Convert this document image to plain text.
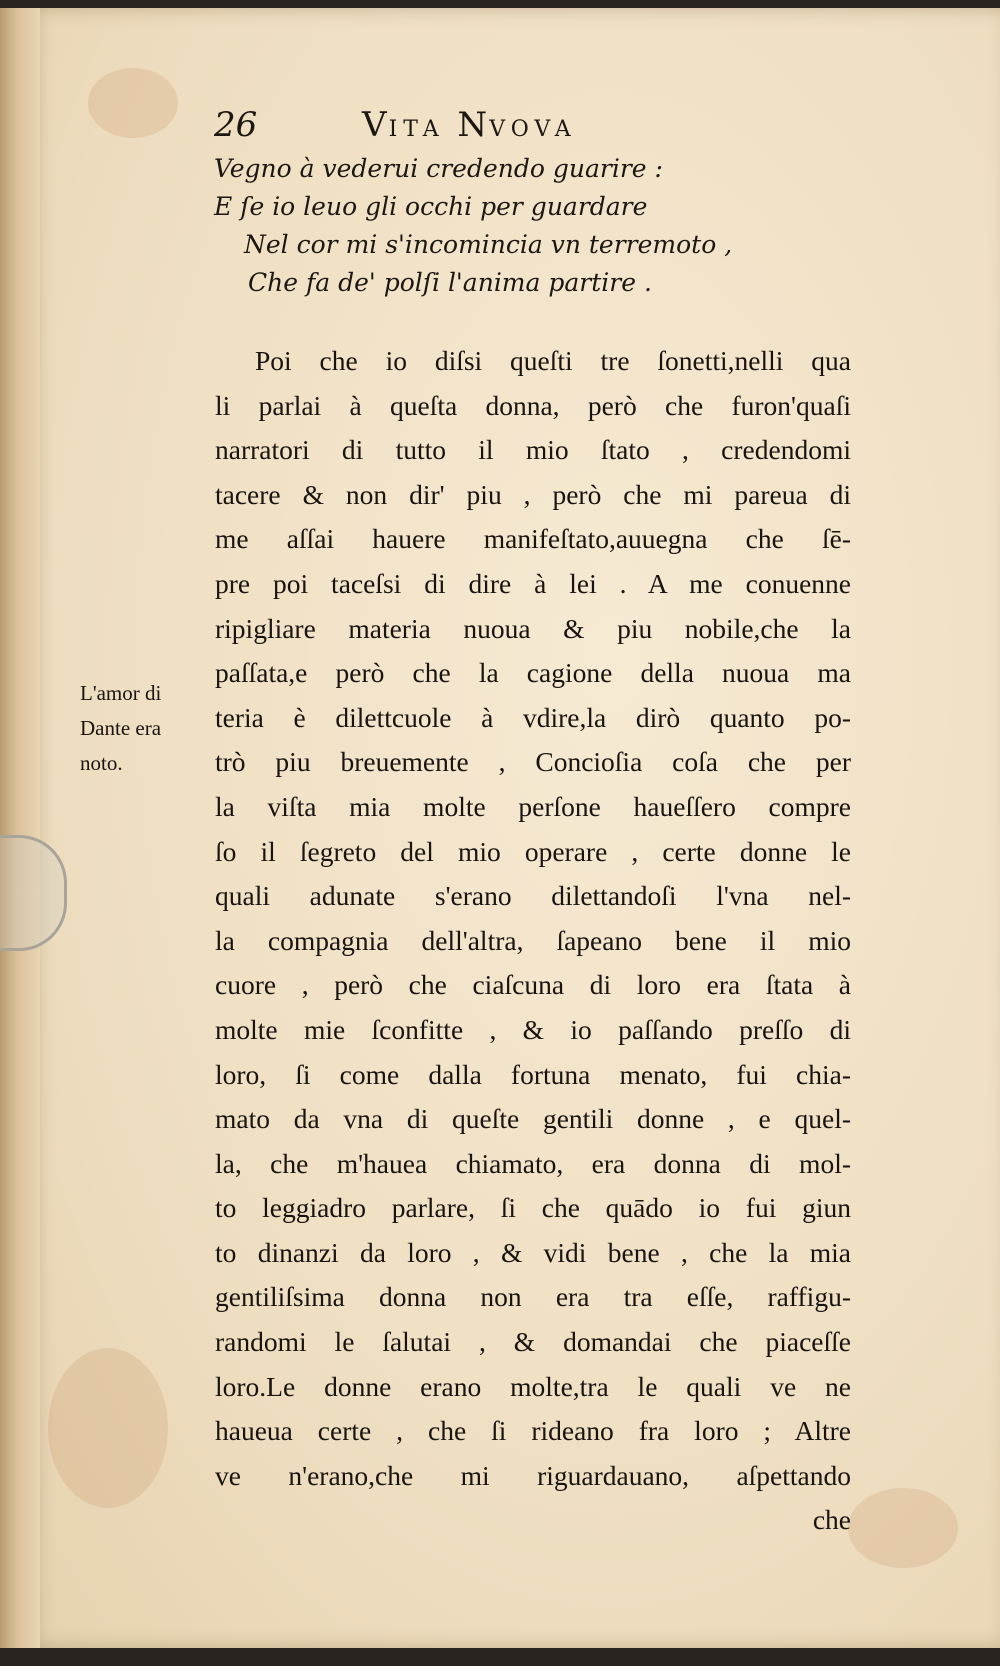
26	VITA NVOVA
Vegno à vederui credendo guarire :
E ſe io leuo gli occhi per guardare
Nel cor mi s'incomincia vn terremoto ,
Che fa de' polſi l'anima partire .
L'amor di
Dante era
noto.
Poi che io diſsi queſti tre ſonetti,nelli qua
li parlai à queſta donna, però che furon'quaſi
narratori di tutto il mio ſtato , credendomi
tacere & non dir' piu , però che mi pareua di
me aſſai hauere manifeſtato,auuegna che ſē-
pre poi taceſsi di dire à lei . A me conuenne
ripigliare materia nuoua & piu nobile,che la
paſſata,e però che la cagione della nuoua ma
teria è dilettcuole à vdire,la dirò quanto po-
trò piu breuemente , Concioſia coſa che per
la viſta mia molte perſone haueſſero compre
ſo il ſegreto del mio operare , certe donne le
quali adunate s'erano dilettandoſi l'vna nel-
la compagnia dell'altra, ſapeano bene il mio
cuore , però che ciaſcuna di loro era ſtata à
molte mie ſconfitte , & io paſſando preſſo di
loro, ſi come dalla fortuna menato, fui chia-
mato da vna di queſte gentili donne , e quel-
la, che m'hauea chiamato, era donna di mol-
to leggiadro parlare, ſi che quādo io fui giun
to dinanzi da loro , & vidi bene , che la mia
gentiliſsima donna non era tra eſſe, raffigu-
randomi le ſalutai , & domandai che piaceſſe
loro.Le donne erano molte,tra le quali ve ne
haueua certe , che ſi rideano fra loro ; Altre
ve n'erano,che mi riguardauano, aſpettando
che
